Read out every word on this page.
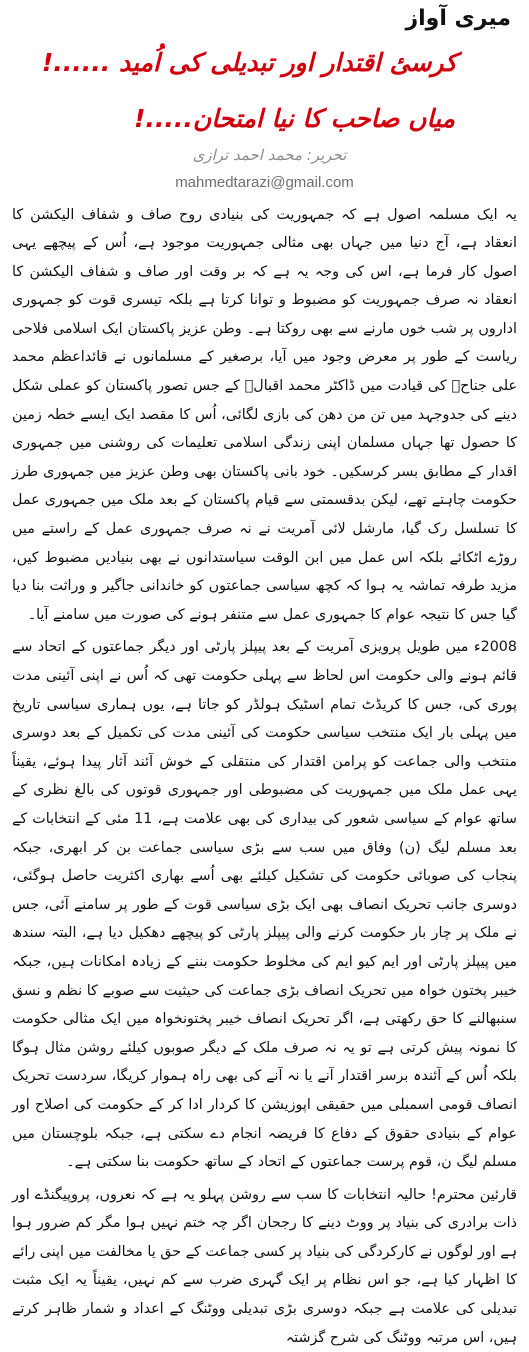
میری آواز
کرسیٔ اقتدار اور تبدیلی کی اُمید ......!
میاں صاحب کا نیا امتحان.....!
تحریر: محمد احمد ترازی
mahmedtarazi@gmail.com

یہ ایک مسلمہ اصول ہے کہ جمہوریت کی بنیادی روح صاف و شفاف الیکشن کا انعقاد ہے، آج دنیا میں جہاں بھی مثالی جمہوریت موجود ہے، اُس کے پیچھے یہی اصول کار فرما ہے، اس کی وجہ یہ ہے کہ بر وقت اور صاف و شفاف الیکشن کا انعقاد نہ صرف جمہوریت کو مضبوط و توانا کرتا ہے بلکہ تیسری قوت کو جمہوری اداروں پر شب خوں مارنے سے بھی روکتا ہے۔ وطن عزیز پاکستان ایک اسلامی فلاحی ریاست کے طور پر معرض وجود میں آیا، برصغیر کے مسلمانوں نے قائداعظم محمد علی جناحؒ کی قیادت میں ڈاکٹر محمد اقبالؒ کے جس تصور پاکستان کو عملی شکل دینے کی جدوجہد میں تن من دھن کی بازی لگائی، اُس کا مقصد ایک ایسے خطہ زمین کا حصول تھا جہاں مسلمان اپنی زندگی اسلامی تعلیمات کی روشنی میں جمہوری اقدار کے مطابق بسر کرسکیں۔ خود بانی پاکستان بھی وطن عزیز میں جمہوری طرز حکومت چاہتے تھے، لیکن بدقسمتی سے قیام پاکستان کے بعد ملک میں جمہوری عمل کا تسلسل رک گیا، مارشل لائی آمریت نے نہ صرف جمہوری عمل کے راستے میں روڑے اٹکائے بلکہ اس عمل میں ابن الوقت سیاستدانوں نے بھی بنیادیں مضبوط کیں، مزید طرفہ تماشہ یہ ہوا کہ کچھ سیاسی جماعتوں کو خاندانی جاگیر و وراثت بنا دیا گیا جس کا نتیجہ عوام کا جمہوری عمل سے متنفر ہونے کی صورت میں سامنے آیا۔

2008ء میں طویل پرویزی آمریت کے بعد پیپلز پارٹی اور دیگر جماعتوں کے اتحاد سے قائم ہونے والی حکومت اس لحاظ سے پہلی حکومت تھی کہ اُس نے اپنی آئینی مدت پوری کی، جس کا کریڈٹ تمام اسٹیک ہولڈر کو جاتا ہے، یوں ہماری سیاسی تاریخ میں پہلی بار ایک منتخب سیاسی حکومت کی آئینی مدت کی تکمیل کے بعد دوسری منتخب والی جماعت کو پرامن اقتدار کی منتقلی کے خوش آئند آثار پیدا ہوئے، یقیناً یہی عمل ملک میں جمہوریت کی مضبوطی اور جمہوری قوتوں کی بالغ نظری کے ساتھ عوام کے سیاسی شعور کی بیداری کی بھی علامت ہے، 11 مئی کے انتخابات کے بعد مسلم لیگ (ن) وفاق میں سب سے بڑی سیاسی جماعت بن کر ابھری، جبکہ پنجاب کی صوبائی حکومت کی تشکیل کیلئے بھی اُسے بھاری اکثریت حاصل ہوگئی، دوسری جانب تحریک انصاف بھی ایک بڑی سیاسی قوت کے طور پر سامنے آئی، جس نے ملک پر چار بار حکومت کرنے والی پیپلز پارٹی کو پیچھے دھکیل دیا ہے، البتہ سندھ میں پیپلز پارٹی اور ایم کیو ایم کی مخلوط حکومت بننے کے زیادہ امکانات ہیں، جبکہ خیبر پختون خواہ میں تحریک انصاف بڑی جماعت کی حیثیت سے صوبے کا نظم و نسق سنبھالنے کا حق رکھتی ہے، اگر تحریک انصاف خیبر پختونخواہ میں ایک مثالی حکومت کا نمونہ پیش کرتی ہے تو یہ نہ صرف ملک کے دیگر صوبوں کیلئے روشن مثال ہوگا بلکہ اُس کے آئندہ برسر اقتدار آنے یا نہ آنے کی بھی راہ ہموار کریگا، سردست تحریک انصاف قومی اسمبلی میں حقیقی اپوزیشن کا کردار ادا کر کے حکومت کی اصلاح اور عوام کے بنیادی حقوق کے دفاع کا فریضہ انجام دے سکتی ہے، جبکہ بلوچستان میں مسلم لیگ ن، قوم پرست جماعتوں کے اتحاد کے ساتھ حکومت بنا سکتی ہے۔

قارئین محترم! حالیہ انتخابات کا سب سے روشن پہلو یہ ہے کہ نعروں، پروپیگنڈے اور ذات برادری کی بنیاد پر ووٹ دینے کا رجحان اگر چہ ختم نہیں ہوا مگر کم ضرور ہوا ہے اور لوگوں نے کارکردگی کی بنیاد پر کسی جماعت کے حق یا مخالفت میں اپنی رائے کا اظہار کیا ہے، جو اس نظام پر ایک گہری ضرب سے کم نہیں، یقیناً یہ ایک مثبت تبدیلی کی علامت ہے جبکہ دوسری بڑی تبدیلی ووٹنگ کے اعداد و شمار ظاہر کرتے ہیں، اس مرتبہ ووٹنگ کی شرح گزشتہ
